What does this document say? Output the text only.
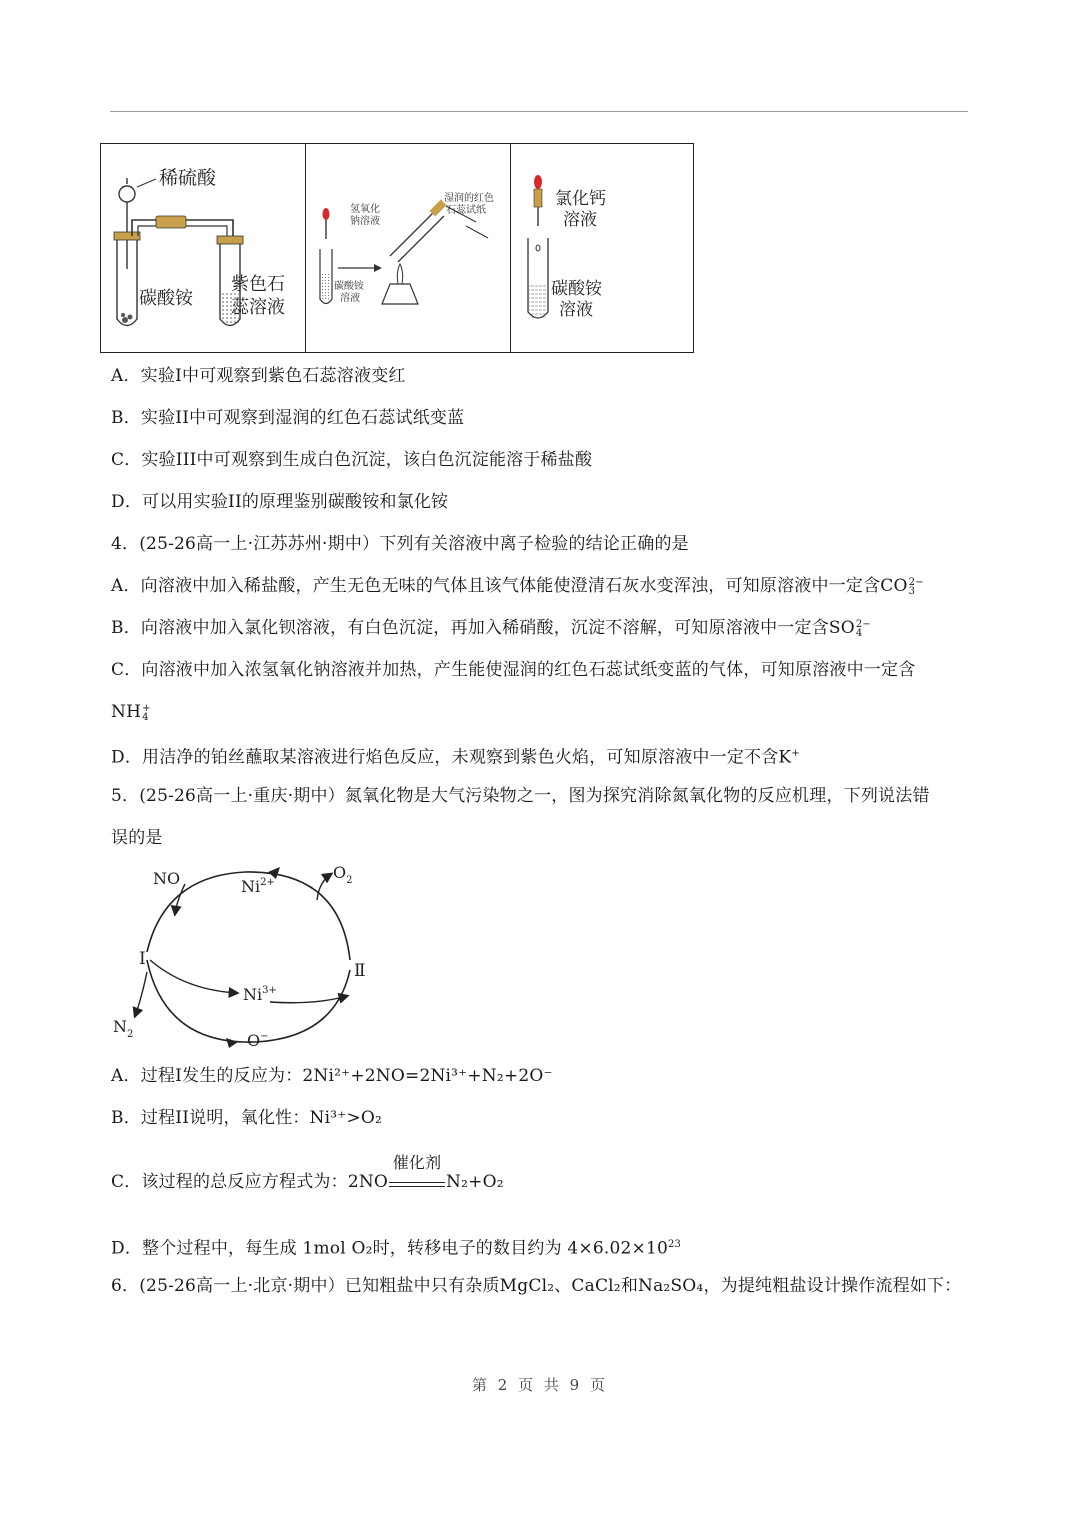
稀硫酸
碳酸铵
紫色石
蕊溶液
氢氧化
钠溶液
碳酸铵
溶液
湿润的红色
石蕊试纸
氯化钙
溶液
碳酸铵
溶液
A．实验I中可观察到紫色石蕊溶液变红
B．实验II中可观察到湿润的红色石蕊试纸变蓝
C．实验III中可观察到生成白色沉淀，该白色沉淀能溶于稀盐酸
D．可以用实验II的原理鉴别碳酸铵和氯化铵
4．(25-26高一上·江苏苏州·期中）下列有关溶液中离子检验的结论正确的是
A．向溶液中加入稀盐酸，产生无色无味的气体且该气体能使澄清石灰水变浑浊，可知原溶液中一定含CO 2−
3
B．向溶液中加入氯化钡溶液，有白色沉淀，再加入稀硝酸，沉淀不溶解，可知原溶液中一定含SO 2−
4
C．向溶液中加入浓氢氧化钠溶液并加热，产生能使湿润的红色石蕊试纸变蓝的气体，可知原溶液中一定含
NH +
4
D．用洁净的铂丝蘸取某溶液进行焰色反应，未观察到紫色火焰，可知原溶液中一定不含K+
5．(25-26高一上·重庆·期中）氮氧化物是大气污染物之一，图为探究消除氮氧化物的反应机理，下列说法错
误的是
NO	$Ni^{2+}$
$O_2$
I
Ⅱ
$Ni^{3+}$
$N_2$	O−
A．过程I发生的反应为：2Ni²⁺+2NO=2Ni³⁺+N₂+2O⁻
B．过程II说明，氧化性：Ni³⁺>O₂
C．该过程的总反应方程式为：2NO
催化剂
N₂+O₂
D．整个过程中，每生成 1mol O₂时，转移电子的数目约为 $4\times 6.02\times 10^{23}$
6．(25-26高一上·北京·期中）已知粗盐中只有杂质MgCl₂、CaCl₂和Na₂SO₄，为提纯粗盐设计操作流程如下：
第 2 页 共 9 页
